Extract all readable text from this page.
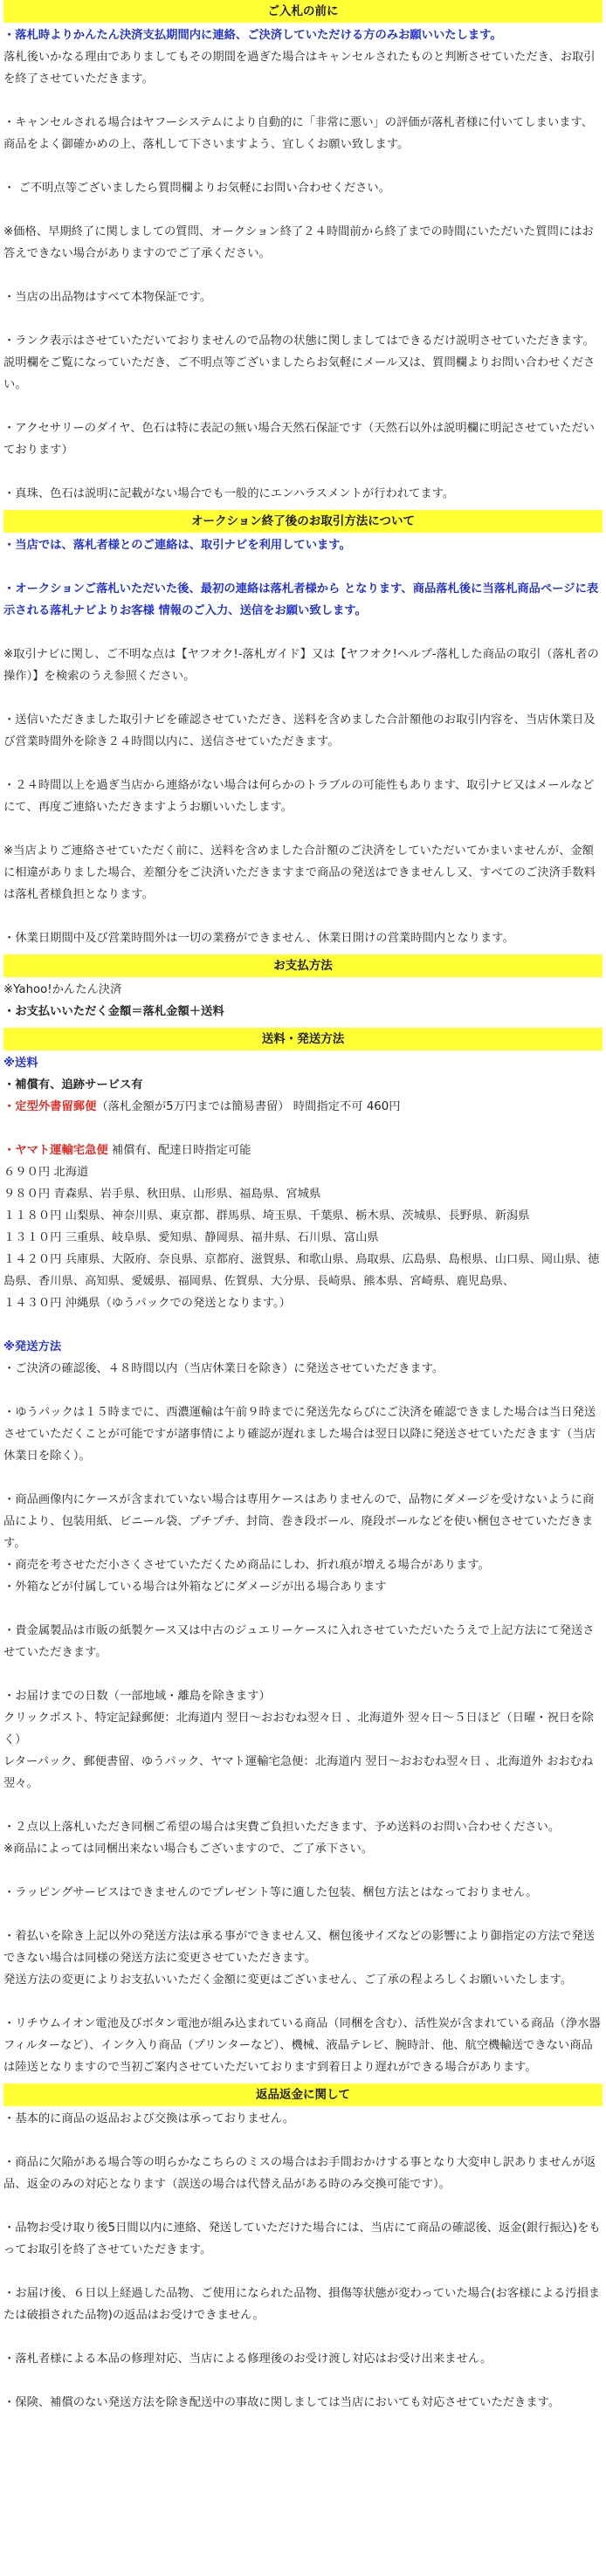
ご入札の前に
・落札時よりかんたん決済支払期間内に連絡、ご決済していただける方のみお願いいたします。
落札後いかなる理由でありましてもその期間を過ぎた場合はキャンセルされたものと判断させていただき、お取引を終了させていただきます。
・キャンセルされる場合はヤフーシステムにより自動的に「非常に悪い」の評価が落札者様に付いてしまいます、商品をよく御確かめの上、落札して下さいますよう、宜しくお願い致します。
・ ご不明点等ございましたら質問欄よりお気軽にお問い合わせください。
※価格、早期終了に関しましての質問、オークション終了２４時間前から終了までの時間にいただいた質問にはお答えできない場合がありますのでご了承ください。
・当店の出品物はすべて本物保証です。
・ランク表示はさせていただいておりませんので品物の状態に関しましてはできるだけ説明させていただきます。説明欄をご覧になっていただき、ご不明点等ございましたらお気軽にメール又は、質問欄よりお問い合わせください。
・アクセサリーのダイヤ、色石は特に表記の無い場合天然石保証です（天然石以外は説明欄に明記させていただいております）
・真珠、色石は説明に記載がない場合でも一般的にエンハラスメントが行われてます。
オークション終了後のお取引方法について
・当店では、落札者様とのご連絡は、取引ナビを利用しています。
・オークションご落札いただいた後、最初の連絡は落札者様から となります、商品落札後に当落札商品ページに表示される落札ナビよりお客様 情報のご入力、送信をお願い致します。
※取引ナビに関し、ご不明な点は【ヤフオク!-落札ガイド】又は【ヤフオク!ヘルプ-落札した商品の取引（落札者の操作）】を検索のうえ参照ください。
・送信いただきました取引ナビを確認させていただき、送料を含めました合計額他のお取引内容を、当店休業日及び営業時間外を除き２４時間以内に、送信させていただきます。
・２４時間以上を過ぎ当店から連絡がない場合は何らかのトラブルの可能性もあります、取引ナビ又はメールなどにて、再度ご連絡いただきますようお願いいたします。
※当店よりご連絡させていただく前に、送料を含めました合計額のご決済をしていただいてかまいませんが、金額に相違がありました場合、差額分をご決済いただきますまで商品の発送はできませんし又、すべてのご決済手数料は落札者様負担となります。
・休業日期間中及び営業時間外は一切の業務ができません、休業日開けの営業時間内となります。
お支払方法
※Yahoo!かんたん決済
・お支払いいただく金額＝落札金額＋送料
送料・発送方法
※送料
・補償有、追跡サービス有
・定型外書留郵便（落札金額が5万円までは簡易書留） 時間指定不可 460円
・ヤマト運輸宅急便 補償有、配達日時指定可能
６９０円 北海道
９８０円 青森県、岩手県、秋田県、山形県、福島県、宮城県
１１８０円 山梨県、神奈川県、東京都、群馬県、埼玉県、千葉県、栃木県、茨城県、長野県、新潟県
１３１０円 三重県、岐阜県、愛知県、静岡県、福井県、石川県、富山県
１４２０円 兵庫県、大阪府、奈良県、京都府、滋賀県、和歌山県、鳥取県、広島県、島根県、山口県、岡山県、徳島県、香川県、高知県、愛媛県、福岡県、佐賀県、大分県、長崎県、熊本県、宮崎県、鹿児島県、
１４３０円 沖縄県（ゆうパックでの発送となります。）
※発送方法
・ご決済の確認後、４８時間以内（当店休業日を除き）に発送させていただきます。
・ゆうパックは１５時までに、西濃運輸は午前９時までに発送先ならびにご決済を確認できました場合は当日発送させていただくことが可能ですが諸事情により確認が遅れました場合は翌日以降に発送させていただきます（当店休業日を除く）。
・商品画像内にケースが含まれていない場合は専用ケースはありませんので、品物にダメージを受けないように商品により、包装用紙、ビニール袋、プチプチ、封筒、巻き段ボール、廃段ボールなどを使い梱包させていただきます。
・商売を考させただ小さくさせていただくため商品にしわ、折れ痕が増える場合があります。
・外箱などが付属している場合は外箱などにダメージが出る場合あります
・貴金属製品は市販の紙製ケース又は中古のジュエリーケースに入れさせていただいたうえで上記方法にて発送させていただきます。
・お届けまでの日数（一部地域・離島を除きます）
クリックポスト、特定記録郵便：北海道内 翌日～おおむね翌々日 、北海道外 翌々日～５日ほど（日曜・祝日を除く）
レターパック、郵便書留、ゆうパック、ヤマト運輸宅急便：北海道内 翌日～おおむね翌々日 、北海道外 おおむね翌々。
・２点以上落札いただき同梱ご希望の場合は実費ご負担いただきます、予め送料のお問い合わせください。
※商品によっては同梱出来ない場合もございますので、ご了承下さい。
・ラッピングサービスはできませんのでプレゼント等に適した包装、梱包方法とはなっておりません。
・着払いを除き上記以外の発送方法は承る事ができません又、梱包後サイズなどの影響により御指定の方法で発送できない場合は同様の発送方法に変更させていただきます。
発送方法の変更によりお支払いいただく金額に変更はございません、ご了承の程よろしくお願いいたします。
・リチウムイオン電池及びボタン電池が組み込まれている商品（同梱を含む）、活性炭が含まれている商品（浄水器フィルターなど）、インク入り商品（プリンターなど）、機械、液晶テレビ、腕時計、他、航空機輸送できない商品は陸送となりますので当初ご案内させていただいております到着日より遅れができる場合があります。
返品返金に関して
・基本的に商品の返品および交換は承っておりません。
・商品に欠陥がある場合等の明らかなこちらのミスの場合はお手間おかけする事となり大変申し訳ありませんが返品、返金のみの対応となります（誤送の場合は代替え品がある時のみ交換可能です）。
・品物お受け取り後5日間以内に連絡、発送していただけた場合には、当店にて商品の確認後、返金(銀行振込)をもってお取引を終了させていただきます。
・お届け後、６日以上経過した品物、ご使用になられた品物、損傷等状態が変わっていた場合(お客様による汚損または破損された品物)の返品はお受けできません。
・落札者様による本品の修理対応、当店による修理後のお受け渡し対応はお受け出来ません。
・保険、補償のない発送方法を除き配送中の事故に関しましては当店においても対応させていただきます。
